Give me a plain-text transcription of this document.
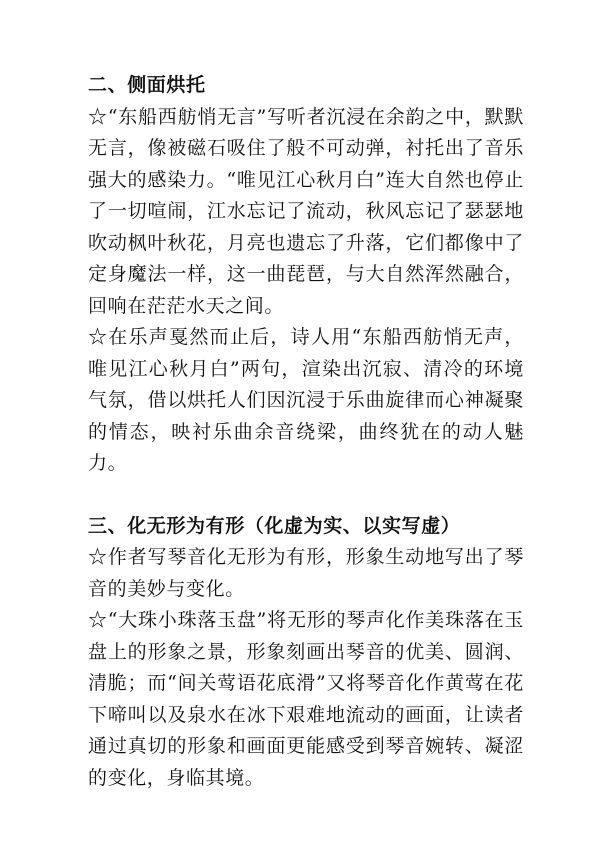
二、侧面烘托

☆“东船西舫悄无言”写听者沉浸在余韵之中，默默无言，像被磁石吸住了般不可动弹，衬托出了音乐强大的感染力。“唯见江心秋月白”连大自然也停止了一切喧闹，江水忘记了流动，秋风忘记了瑟瑟地吹动枫叶秋花，月亮也遗忘了升落，它们都像中了定身魔法一样，这一曲琵琶，与大自然浑然融合，回响在茫茫水天之间。

☆在乐声戛然而止后，诗人用“东船西舫悄无声，唯见江心秋月白”两句，渲染出沉寂、清冷的环境气氛，借以烘托人们因沉浸于乐曲旋律而心神凝聚的情态，映衬乐曲余音绕梁，曲终犹在的动人魅力。

三、化无形为有形（化虚为实、以实写虚）

☆作者写琴音化无形为有形，形象生动地写出了琴音的美妙与变化。

☆“大珠小珠落玉盘”将无形的琴声化作美珠落在玉盘上的形象之景，形象刻画出琴音的优美、圆润、清脆；而“间关莺语花底滑”又将琴音化作黄莺在花下啼叫以及泉水在冰下艰难地流动的画面，让读者通过真切的形象和画面更能感受到琴音婉转、凝涩的变化，身临其境。
